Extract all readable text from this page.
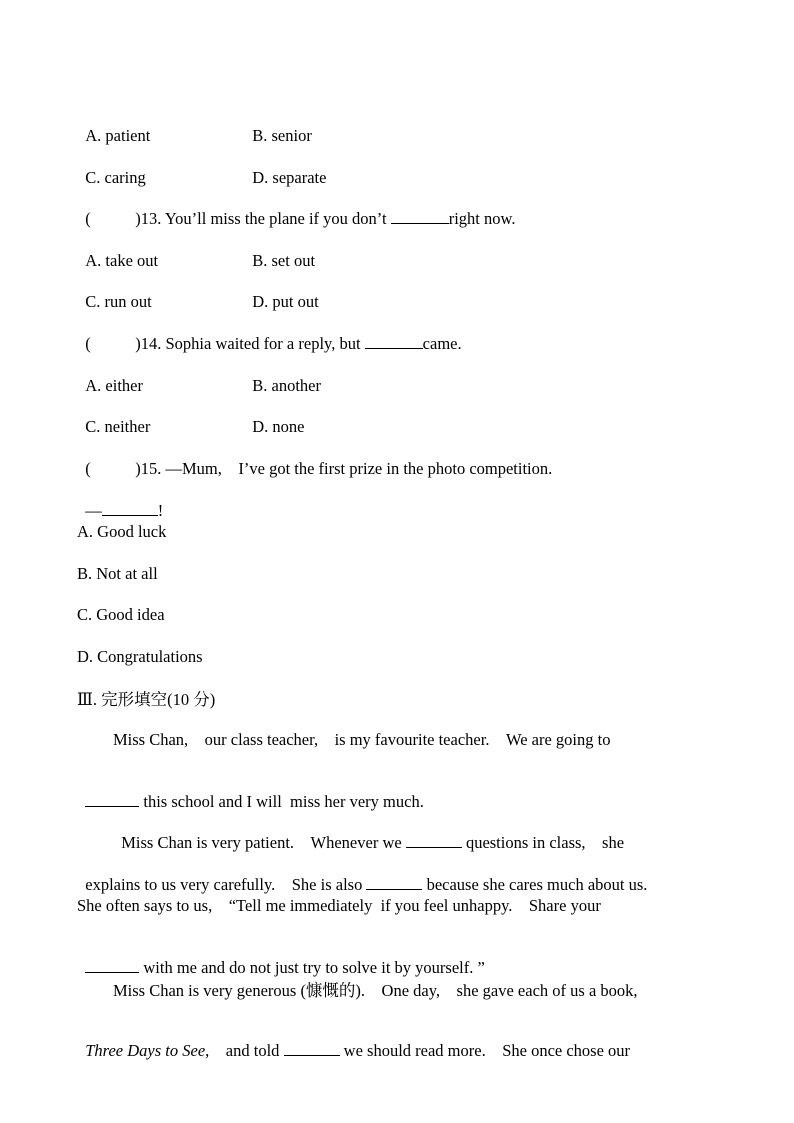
A. patient	B. senior

C. caring	D. separate

(	)13. You’ll miss the plane if you don’t	right now.

A. take out	B. set out

C. run out	D. put out

(	)14. Sophia waited for a reply, but	came.

A. either	B. another

C. neither	D. none

(	)15. —Mum,　I’ve got the first prize in the photo competition.

—	!

A. Good luck
B. Not at all
C. Good idea
D. Congratulations
Ⅲ. 完形填空(10 分)
Miss Chan,　our class teacher,　is my favourite teacher.　We are going to

this school and I will  miss her very much.

Miss Chan is very patient.　Whenever we	questions in class,　she

explains to us very carefully.　She is also	because she cares much about us.

She often says to us,　“Tell me immediately  if you feel unhappy.　Share your

with me and do not just try to solve it by yourself. ”

Miss Chan is very generous (慷慨的).　One day,　she gave each of us a book,

Three Days to See,　and told	we should read more.　She once chose our
